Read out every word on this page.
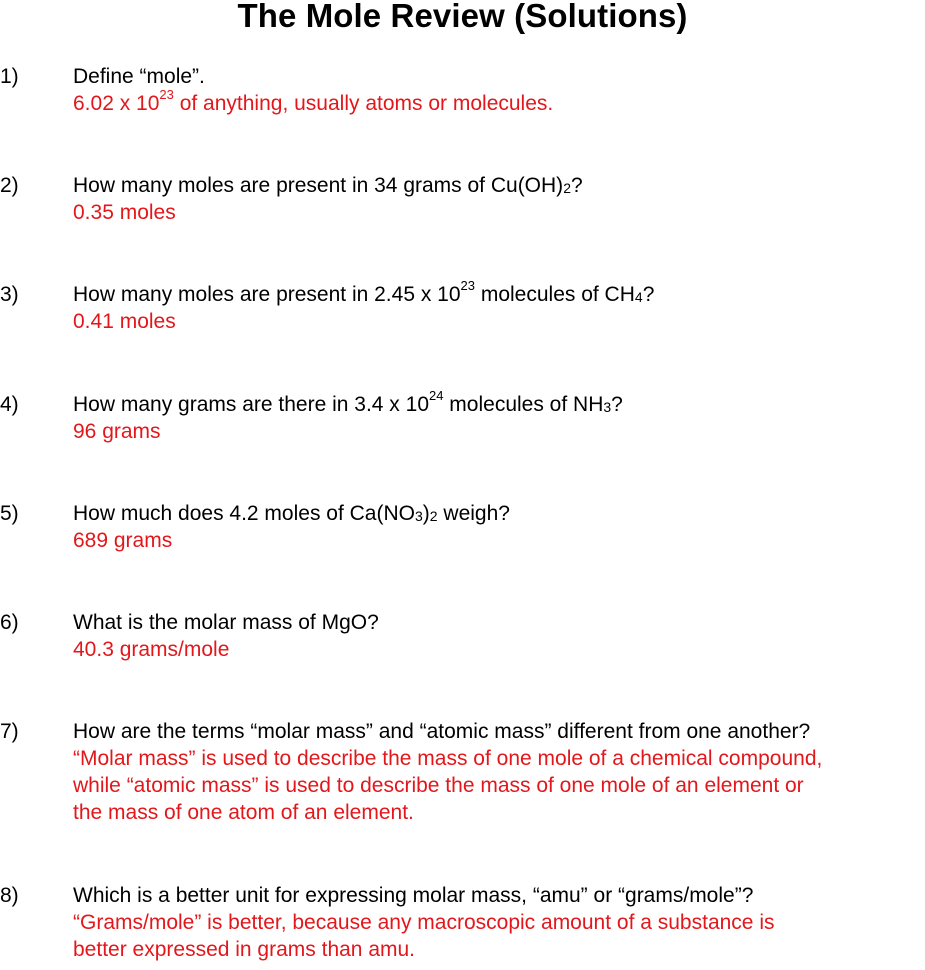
The Mole Review (Solutions)
1)	Define “mole”.
6.02 x $10^{23}$ of anything, usually atoms or molecules.
2)	How many moles are present in 34 grams of $Cu(OH)_2$?
0.35 moles
3)	How many moles are present in 2.45 x $10^{23}$ molecules of $CH_4$?
0.41 moles
4)	How many grams are there in 3.4 x $10^{24}$ molecules of $NH_3$?
96 grams
5)	How much does 4.2 moles of $Ca(NO_3)_2$ weigh?
689 grams
6)	What is the molar mass of MgO?
40.3 grams/mole
7)	How are the terms “molar mass” and “atomic mass” different from one another?
“Molar mass” is used to describe the mass of one mole of a chemical compound,
while “atomic mass” is used to describe the mass of one mole of an element or
the mass of one atom of an element.
8)	Which is a better unit for expressing molar mass, “amu” or “grams/mole”?
“Grams/mole” is better, because any macroscopic amount of a substance is
better expressed in grams than amu.
